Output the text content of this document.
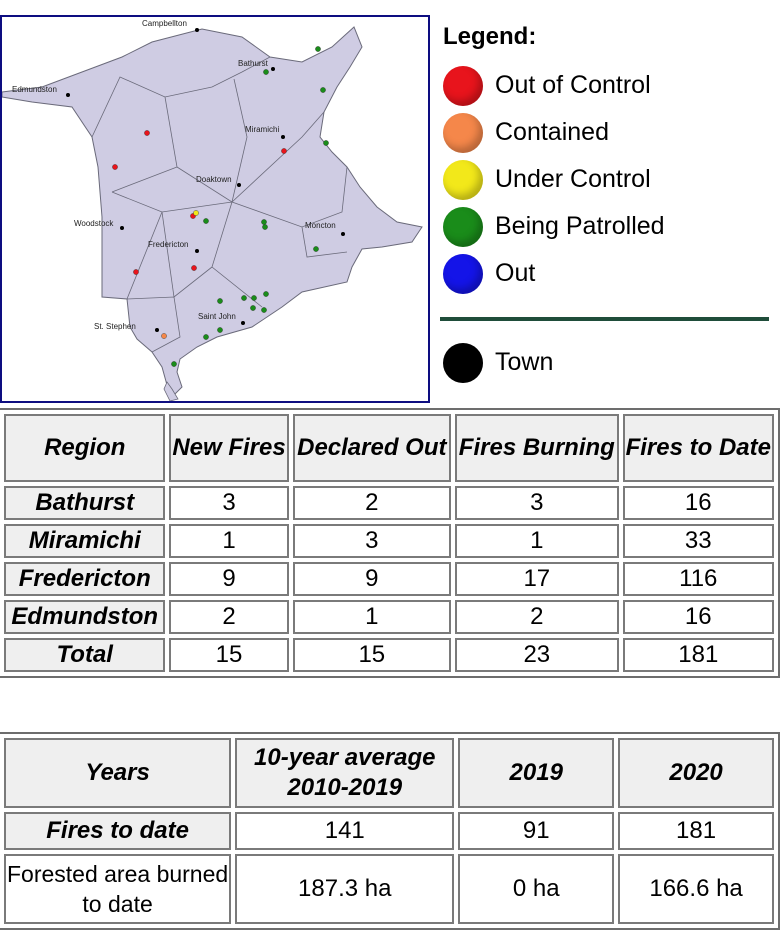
Campbellton
Bathurst
Edmundston
Miramichi
Doaktown
Woodstock	Moncton
Fredericton
Saint John
St. Stephen
Legend:
Out of Control
Contained
Under Control
Being Patrolled
Out
Town
Region	New Fires	Declared Out	Fires Burning	Fires to Date
Bathurst	3	2	3	16
Miramichi	1	3	1	33
Fredericton	9	9	17	116
Edmundston	2	1	2	16
Total	15	15	23	181
Years	10-year average 2010-2019	2019	2020
Fires to date	141	91	181
Forested area burned to date	187.3 ha	0 ha	166.6 ha
